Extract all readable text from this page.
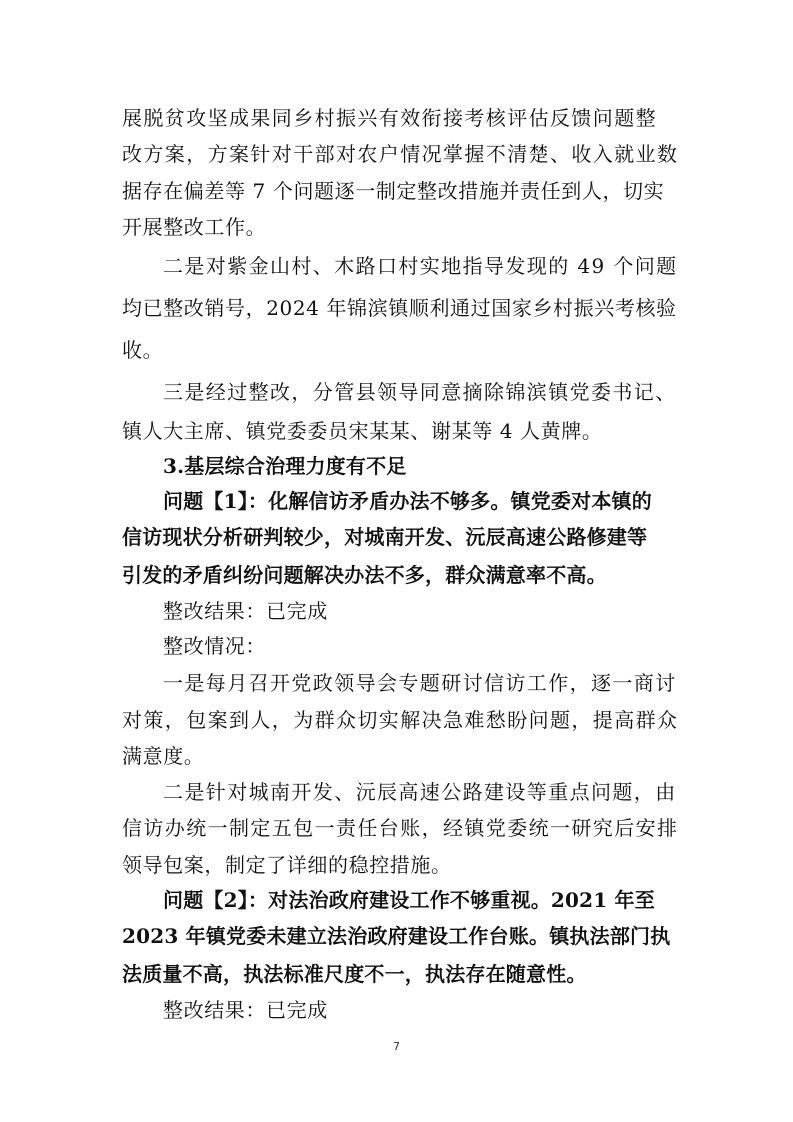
展脱贫攻坚成果同乡村振兴有效衔接考核评估反馈问题整
改方案，方案针对干部对农户情况掌握不清楚、收入就业数
据存在偏差等 7 个问题逐一制定整改措施并责任到人，切实
开展整改工作。
二是对紫金山村、木路口村实地指导发现的 49 个问题
均已整改销号，2024 年锦滨镇顺利通过国家乡村振兴考核验
收。
三是经过整改，分管县领导同意摘除锦滨镇党委书记、
镇人大主席、镇党委委员宋某某、谢某等 4 人黄牌。
3.基层综合治理力度有不足
问题【1】：化解信访矛盾办法不够多。镇党委对本镇的
信访现状分析研判较少，对城南开发、沅辰高速公路修建等
引发的矛盾纠纷问题解决办法不多，群众满意率不高。
整改结果：已完成
整改情况：
一是每月召开党政领导会专题研讨信访工作，逐一商讨
对策，包案到人，为群众切实解决急难愁盼问题，提高群众
满意度。
二是针对城南开发、沅辰高速公路建设等重点问题，由
信访办统一制定五包一责任台账，经镇党委统一研究后安排
领导包案，制定了详细的稳控措施。
问题【2】：对法治政府建设工作不够重视。2021 年至
2023 年镇党委未建立法治政府建设工作台账。镇执法部门执
法质量不高，执法标准尺度不一，执法存在随意性。
整改结果：已完成
7
